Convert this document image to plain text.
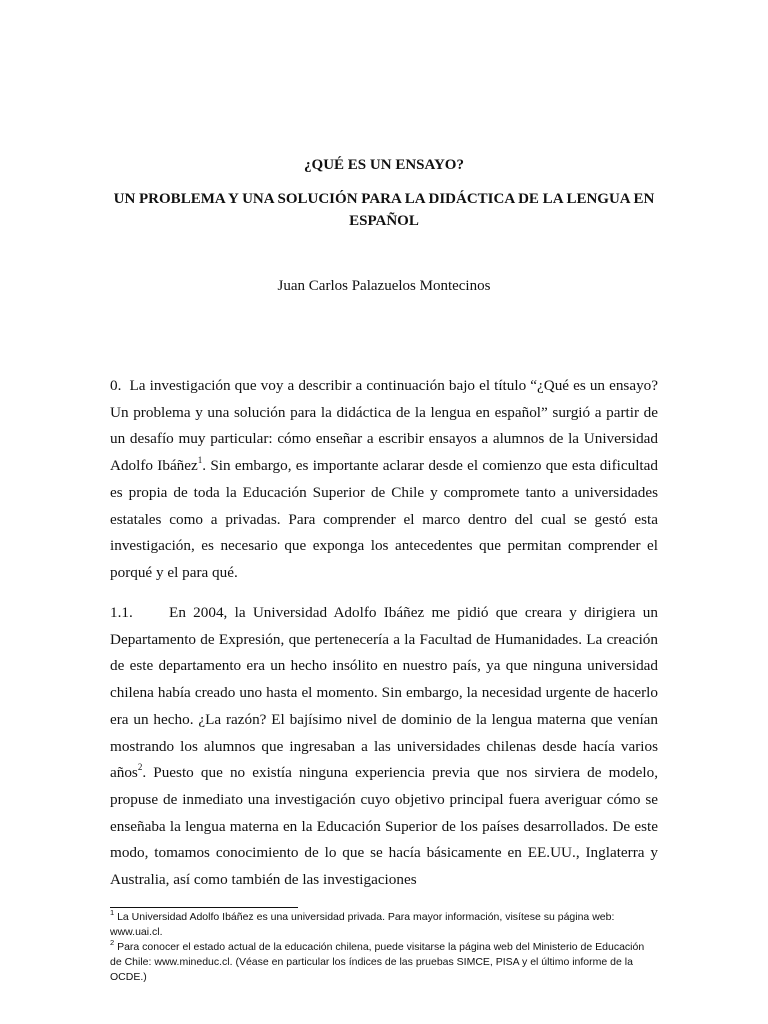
¿QUÉ ES UN ENSAYO?
UN PROBLEMA Y UNA SOLUCIÓN PARA LA DIDÁCTICA DE LA LENGUA EN ESPAÑOL
Juan Carlos Palazuelos Montecinos

0.  La investigación que voy a describir a continuación bajo el título “¿Qué es un ensayo? Un problema y una solución para la didáctica de la lengua en español” surgió a partir de un desafío muy particular: cómo enseñar a escribir ensayos a alumnos de la Universidad Adolfo Ibáñez$^1$. Sin embargo, es importante aclarar desde el comienzo que esta dificultad es propia de toda la Educación Superior de Chile y compromete tanto a universidades estatales como a privadas. Para comprender el marco dentro del cual se gestó esta investigación, es necesario que exponga los antecedentes que permitan comprender el porqué y el para qué.

1.1.     En 2004, la Universidad Adolfo Ibáñez me pidió que creara y dirigiera un Departamento de Expresión, que pertenecería a la Facultad de Humanidades. La creación de este departamento era un hecho insólito en nuestro país, ya que ninguna universidad chilena había creado uno hasta el momento. Sin embargo, la necesidad urgente de hacerlo era un hecho. ¿La razón? El bajísimo nivel de dominio de la lengua materna que venían mostrando los alumnos que ingresaban a las universidades chilenas desde hacía varios años$^2$. Puesto que no existía ninguna experiencia previa que nos sirviera de modelo, propuse de inmediato una investigación cuyo objetivo principal fuera averiguar cómo se enseñaba la lengua materna en la Educación Superior de los países desarrollados. De este modo, tomamos conocimiento de lo que se hacía básicamente en EE.UU., Inglaterra y Australia, así como también de las investigaciones

$^1$ La Universidad Adolfo Ibáñez es una universidad privada. Para mayor información, visítese su página web: www.uai.cl.

$^2$ Para conocer el estado actual de la educación chilena, puede visitarse la página web del Ministerio de Educación de Chile: www.mineduc.cl. (Véase en particular los índices de las pruebas SIMCE, PISA y el último informe de la OCDE.)
